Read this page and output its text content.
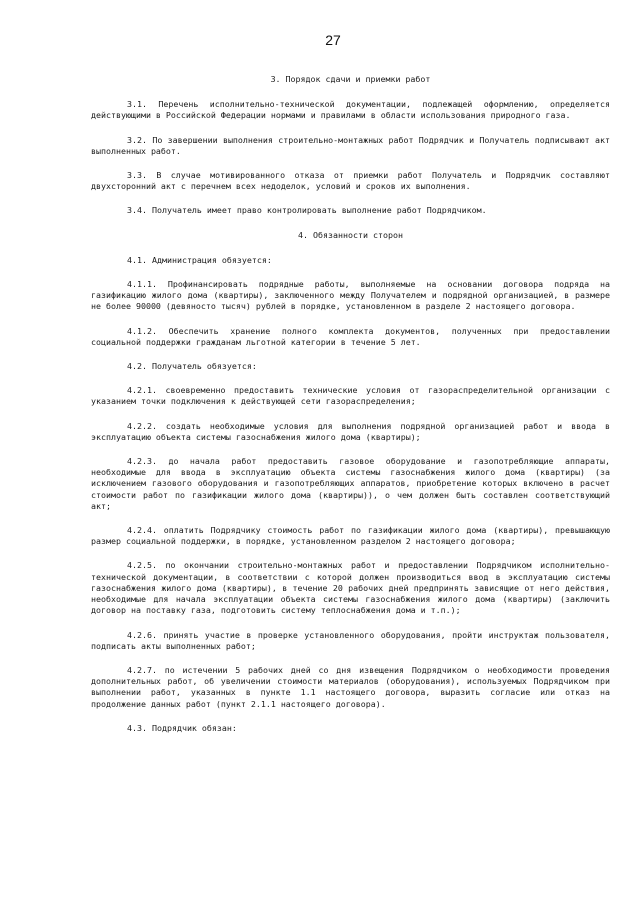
27
3. Порядок сдачи и приемки работ

3.1. Перечень исполнительно-технической документации, подлежащей оформлению, определяется действующими в Российской Федерации нормами и правилами в области использования природного газа.

3.2. По завершении выполнения строительно-монтажных работ Подрядчик и Получатель подписывают акт выполненных работ.

3.3. В случае мотивированного отказа от приемки работ Получатель и Подрядчик составляют двухсторонний акт с перечнем всех недоделок, условий и сроков их выполнения.

3.4. Получатель имеет право контролировать выполнение работ Подрядчиком.

4. Обязанности сторон

4.1. Администрация обязуется:

4.1.1. Профинансировать подрядные работы, выполняемые на основании договора подряда на газификацию жилого дома (квартиры), заключенного между Получателем и подрядной организацией, в размере не более 90000 (девяносто тысяч) рублей в порядке, установленном в разделе 2 настоящего договора.

4.1.2. Обеспечить хранение полного комплекта документов, полученных при предоставлении социальной поддержки гражданам льготной категории в течение 5 лет.

4.2. Получатель обязуется:

4.2.1. своевременно предоставить технические условия от газораспределительной организации с указанием точки подключения к действующей сети газораспределения;

4.2.2. создать необходимые условия для выполнения подрядной организацией работ и ввода в эксплуатацию объекта системы газоснабжения жилого дома (квартиры);

4.2.3. до начала работ предоставить газовое оборудование и газопотребляющие аппараты, необходимые для ввода в эксплуатацию объекта системы газоснабжения жилого дома (квартиры) (за исключением газового оборудования и газопотребляющих аппаратов, приобретение которых включено в расчет стоимости работ по газификации жилого дома (квартиры)), о чем должен быть составлен соответствующий акт;

4.2.4. оплатить Подрядчику стоимость работ по газификации жилого дома (квартиры), превышающую размер социальной поддержки, в порядке, установленном разделом 2 настоящего договора;

4.2.5. по окончании строительно-монтажных работ и предоставлении Подрядчиком исполнительно-технической документации, в соответствии с которой должен производиться ввод в эксплуатацию системы газоснабжения жилого дома (квартиры), в течение 20 рабочих дней предпринять зависящие от него действия, необходимые для начала эксплуатации объекта системы газоснабжения жилого дома (квартиры) (заключить договор на поставку газа, подготовить систему теплоснабжения дома и т.п.);

4.2.6. принять участие в проверке установленного оборудования, пройти инструктаж пользователя, подписать акты выполненных работ;

4.2.7. по истечении 5 рабочих дней со дня извещения Подрядчиком о необходимости проведения дополнительных работ, об увеличении стоимости материалов (оборудования), используемых Подрядчиком при выполнении работ, указанных в пункте 1.1 настоящего договора, выразить согласие или отказ на продолжение данных работ (пункт 2.1.1 настоящего договора).

4.3. Подрядчик обязан:
